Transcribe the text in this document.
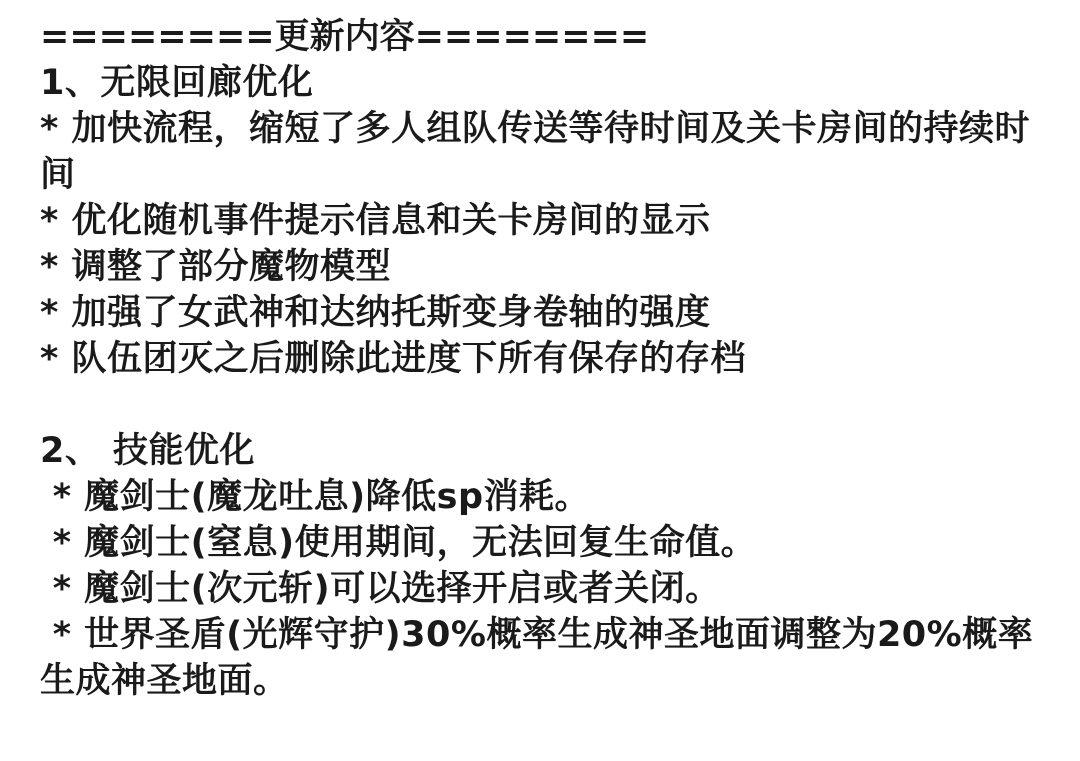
========更新内容========

1、无限回廊优化

* 加快流程，缩短了多人组队传送等待时间及关卡房间的持续时间

* 优化随机事件提示信息和关卡房间的显示

* 调整了部分魔物模型

* 加强了女武神和达纳托斯变身卷轴的强度

* 队伍团灭之后删除此进度下所有保存的存档

2、 技能优化

* 魔剑士(魔龙吐息)降低sp消耗。

* 魔剑士(窒息)使用期间，无法回复生命值。

* 魔剑士(次元斩)可以选择开启或者关闭。

* 世界圣盾(光辉守护)30%概率生成神圣地面调整为20%概率生成神圣地面。
